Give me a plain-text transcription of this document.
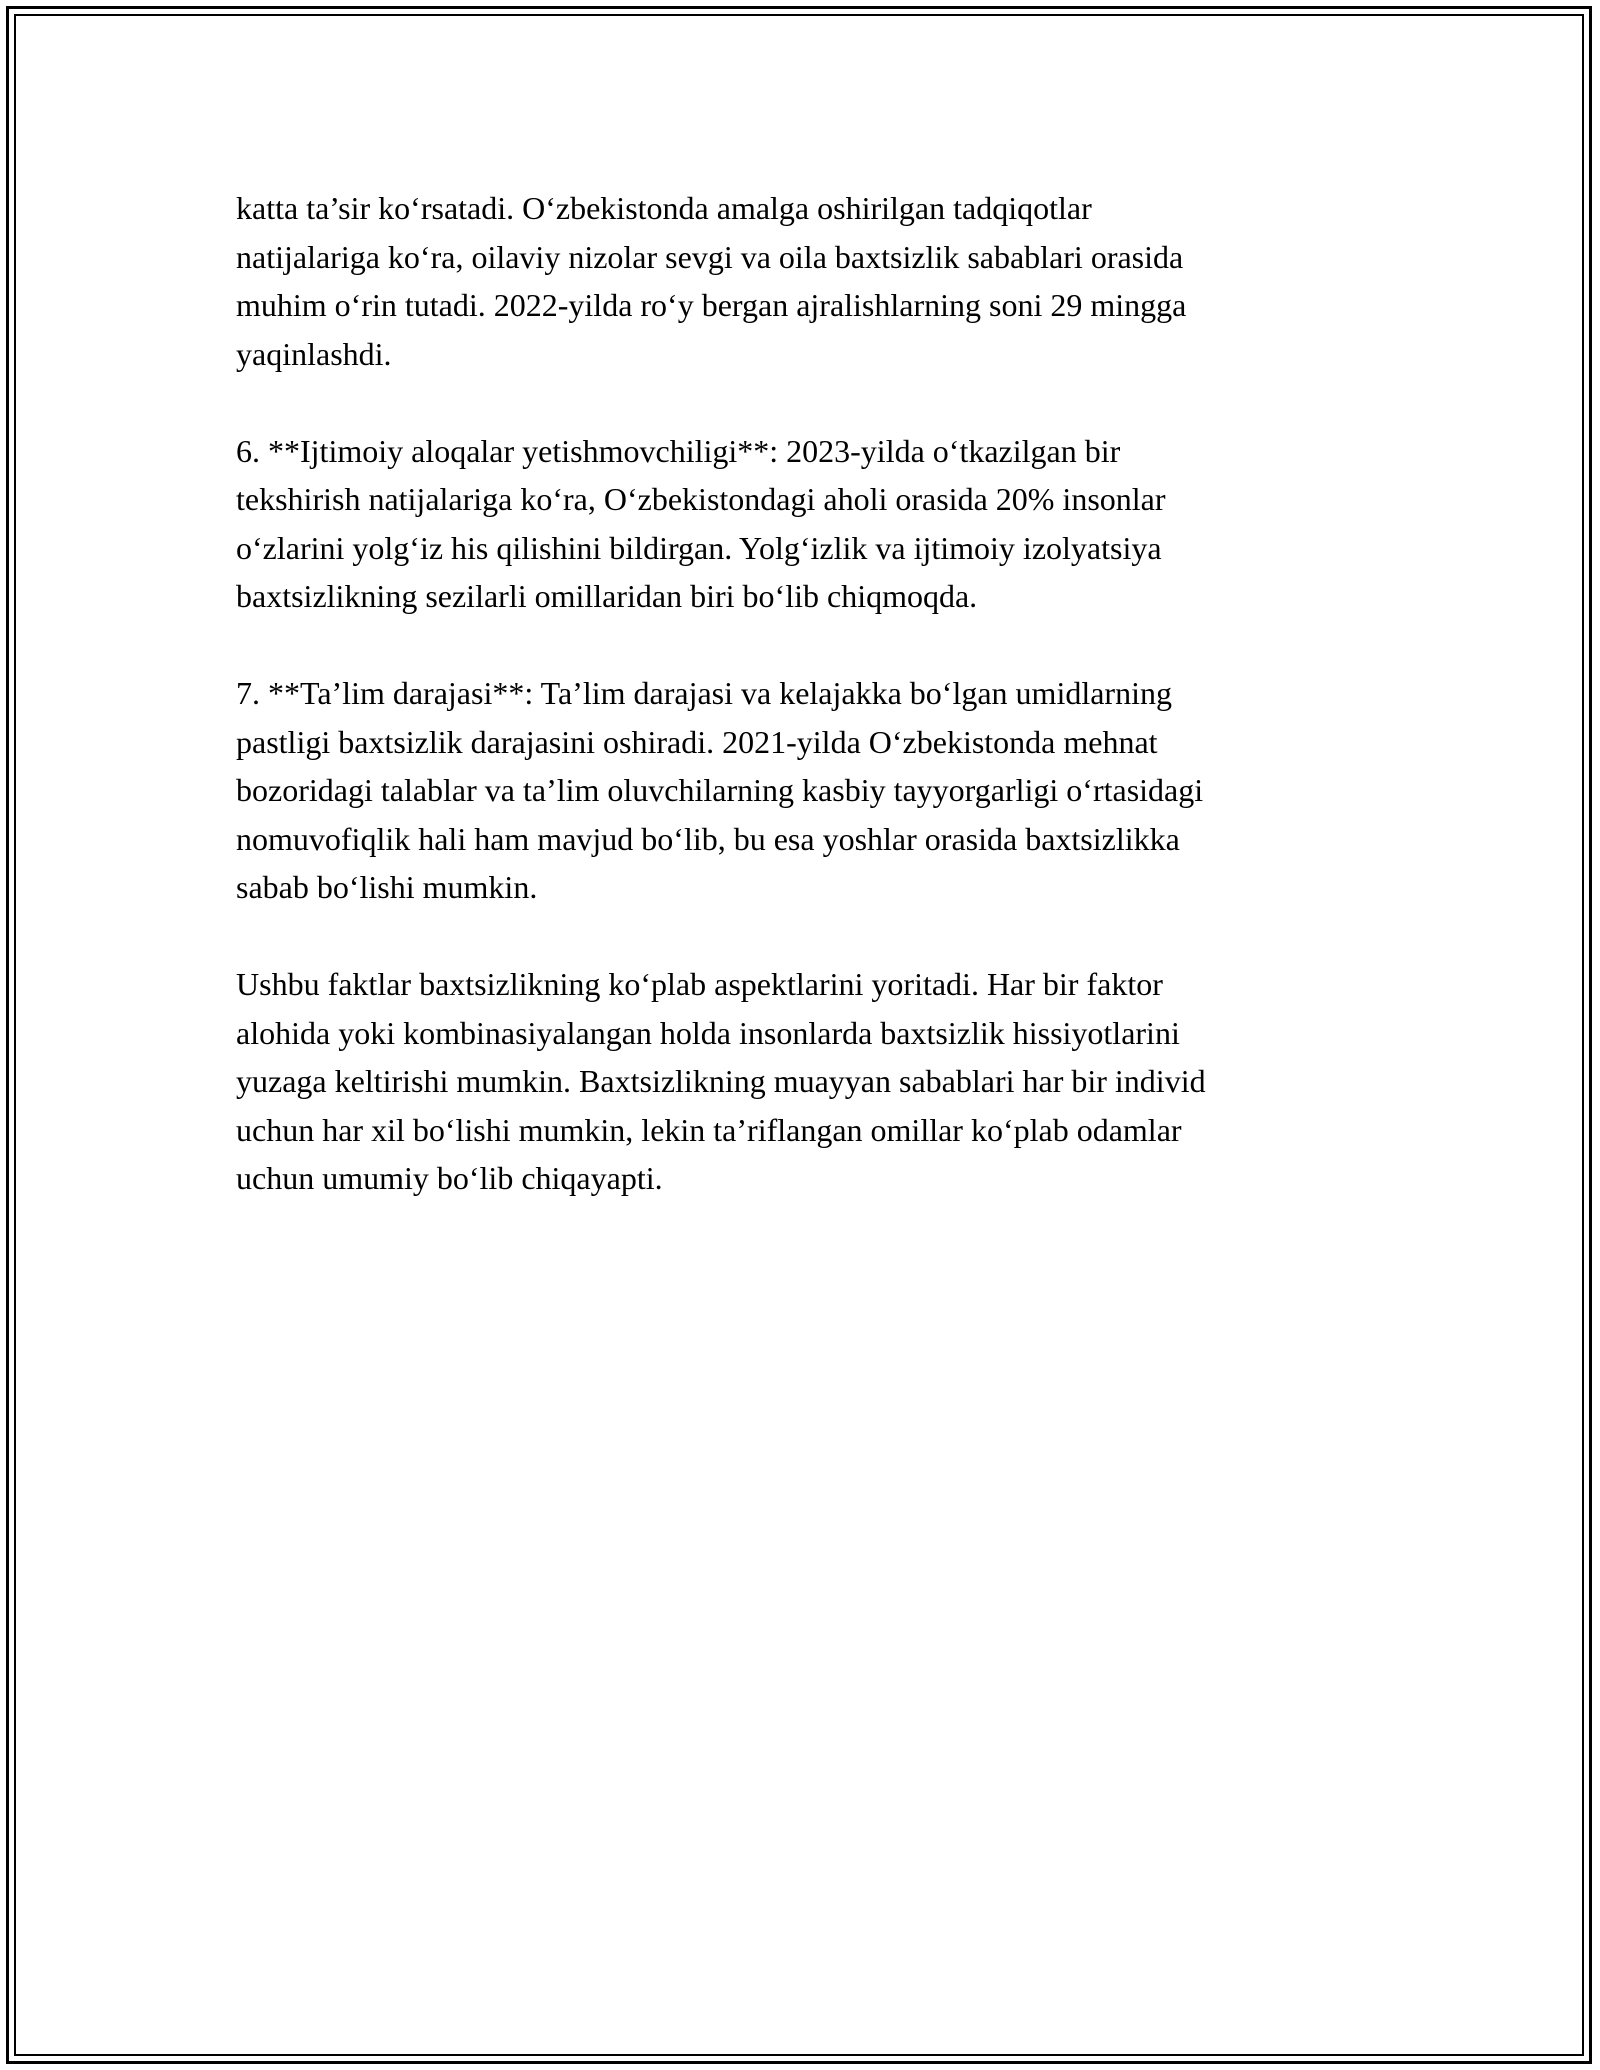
katta ta’sir ko‘rsatadi. O‘zbekistonda amalga oshirilgan tadqiqotlar
natijalariga ko‘ra, oilaviy nizolar sevgi va oila baxtsizlik sabablari orasida
muhim o‘rin tutadi. 2022-yilda ro‘y bergan ajralishlarning soni 29 mingga
yaqinlashdi.

6. **Ijtimoiy aloqalar yetishmovchiligi**: 2023-yilda o‘tkazilgan bir
tekshirish natijalariga ko‘ra, O‘zbekistondagi aholi orasida 20% insonlar
o‘zlarini yolg‘iz his qilishini bildirgan. Yolg‘izlik va ijtimoiy izolyatsiya
baxtsizlikning sezilarli omillaridan biri bo‘lib chiqmoqda.

7. **Ta’lim darajasi**: Ta’lim darajasi va kelajakka bo‘lgan umidlarning
pastligi baxtsizlik darajasini oshiradi. 2021-yilda O‘zbekistonda mehnat
bozoridagi talablar va ta’lim oluvchilarning kasbiy tayyorgarligi o‘rtasidagi
nomuvofiqlik hali ham mavjud bo‘lib, bu esa yoshlar orasida baxtsizlikka
sabab bo‘lishi mumkin.

Ushbu faktlar baxtsizlikning ko‘plab aspektlarini yoritadi. Har bir faktor
alohida yoki kombinasiyalangan holda insonlarda baxtsizlik hissiyotlarini
yuzaga keltirishi mumkin. Baxtsizlikning muayyan sabablari har bir individ
uchun har xil bo‘lishi mumkin, lekin ta’riflangan omillar ko‘plab odamlar
uchun umumiy bo‘lib chiqayapti.
